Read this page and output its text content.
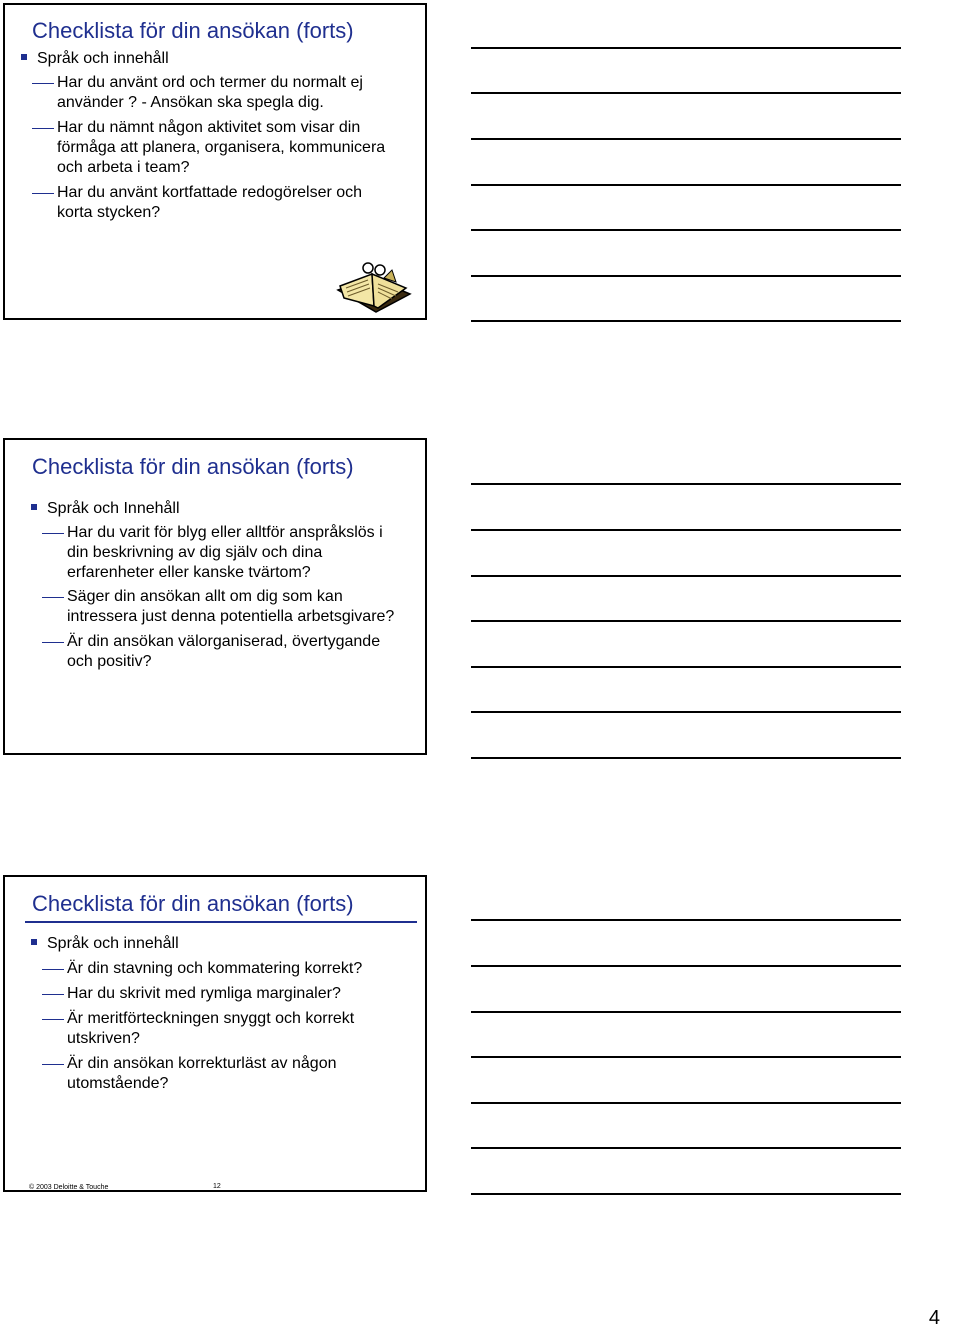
Checklista för din ansökan (forts)
Språk och innehåll
Har du använt ord och termer du normalt ej
använder ? - Ansökan ska spegla dig.
Har du nämnt någon aktivitet som visar din
förmåga att planera, organisera, kommunicera
och arbeta i team?
Har du använt kortfattade redogörelser och
korta stycken?
Checklista för din ansökan (forts)
Språk och Innehåll
Har du varit för blyg eller alltför anspråkslös i
din beskrivning av dig själv och dina
erfarenheter eller kanske tvärtom?
Säger din ansökan allt om dig som kan
intressera just denna potentiella arbetsgivare?
Är din ansökan välorganiserad, övertygande
och positiv?
Checklista för din ansökan (forts)
Språk och innehåll
Är din stavning och kommatering korrekt?
Har du skrivit med rymliga marginaler?
Är meritförteckningen snyggt och korrekt
utskriven?
Är din ansökan korrekturläst av någon
utomstående?
© 2003 Deloitte & Touche	12
4
